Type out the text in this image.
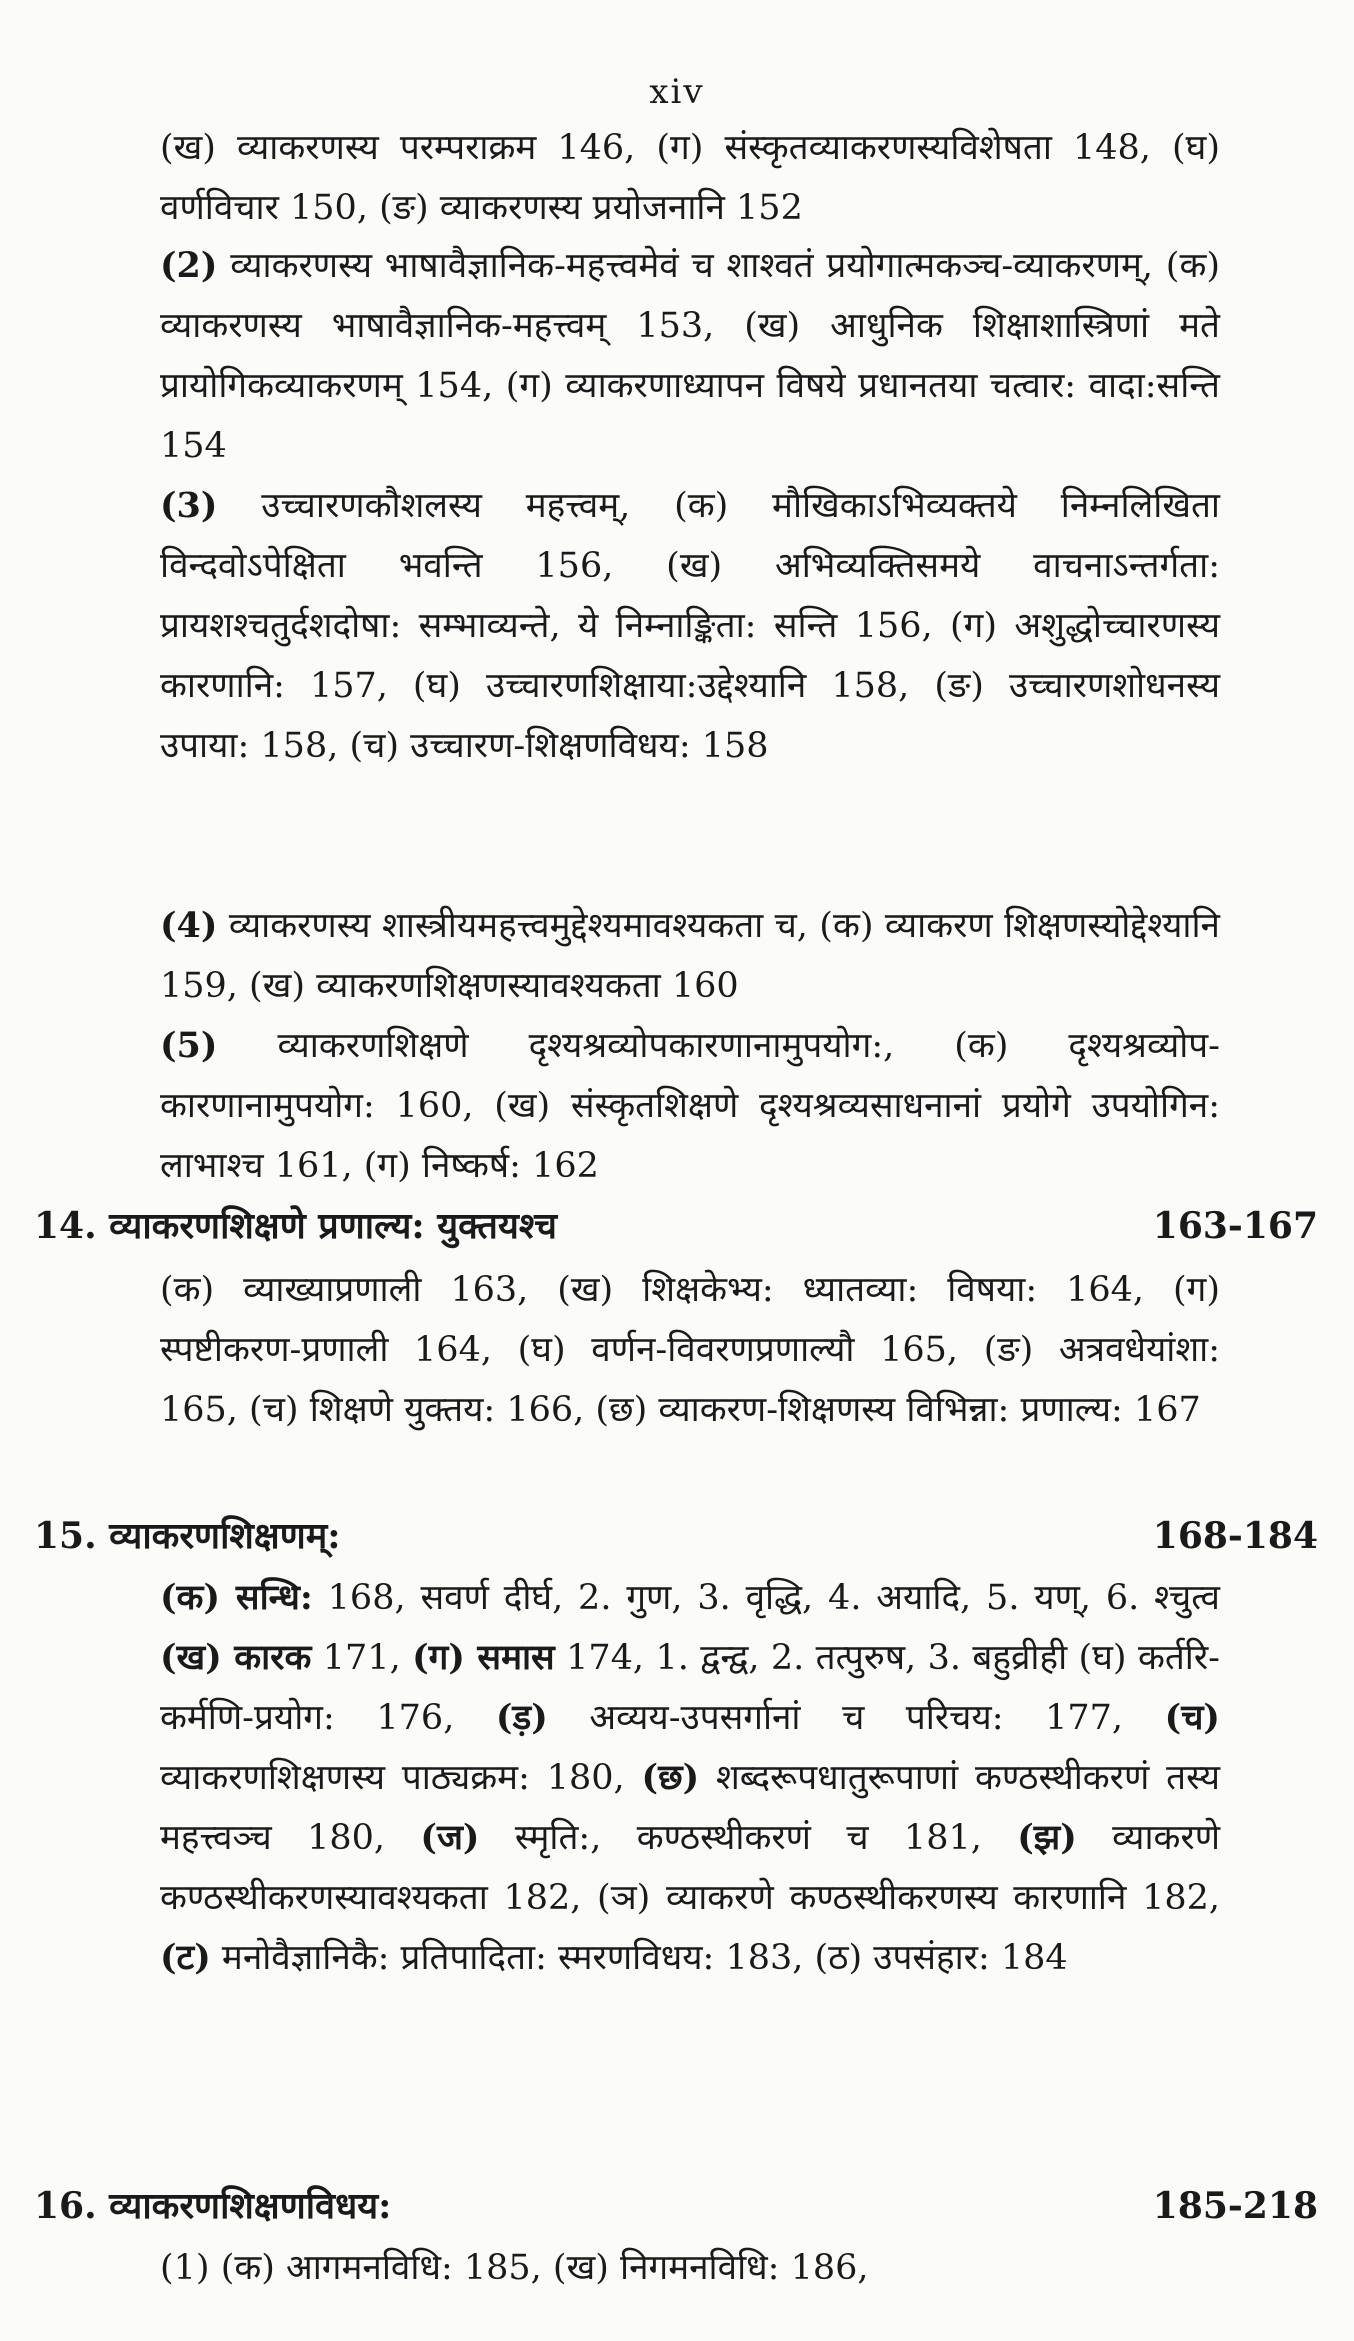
xiv

(ख) व्याकरणस्य परम्पराक्रम 146, (ग) संस्कृतव्याकरणस्यविशेषता 148, (घ) वर्णविचार 150, (ङ) व्याकरणस्य प्रयोजनानि 152

(2) व्याकरणस्य भाषावैज्ञानिक-महत्त्वमेवं च शाश्वतं प्रयोगात्मकञ्च-व्याकरणम्, (क) व्याकरणस्य भाषावैज्ञानिक-महत्त्वम् 153, (ख) आधुनिक शिक्षाशास्त्रिणां मते प्रायोगिकव्याकरणम् 154, (ग) व्याकरणाध्यापन विषये प्रधानतया चत्वार: वादा:सन्ति 154

(3) उच्चारणकौशलस्य महत्त्वम्, (क) मौखिकाऽभिव्यक्तये निम्नलिखिता विन्दवोऽपेक्षिता भवन्ति 156, (ख) अभिव्यक्तिसमये वाचनाऽन्तर्गता: प्रायशश्चतुर्दशदोषा: सम्भाव्यन्ते, ये निम्नाङ्किता: सन्ति 156, (ग) अशुद्धोच्चारणस्य कारणानि: 157, (घ) उच्चारणशिक्षाया:उद्देश्यानि 158, (ङ) उच्चारणशोधनस्य उपाया: 158, (च) उच्चारण-शिक्षणविधय: 158

(4) व्याकरणस्य शास्त्रीयमहत्त्वमुद्देश्यमावश्यकता च, (क) व्याकरण शिक्षणस्योद्देश्यानि 159, (ख) व्याकरणशिक्षणस्यावश्यकता 160

(5) व्याकरणशिक्षणे दृश्यश्रव्योपकारणानामुपयोग:, (क) दृश्यश्रव्योप-कारणानामुपयोग: 160, (ख) संस्कृतशिक्षणे दृश्यश्रव्यसाधनानां प्रयोगे उपयोगिन: लाभाश्च 161, (ग) निष्कर्ष: 162

14. व्याकरणशिक्षणे प्रणाल्य: युक्तयश्च	163-167

(क) व्याख्याप्रणाली 163, (ख) शिक्षकेभ्य: ध्यातव्या: विषया: 164, (ग) स्पष्टीकरण-प्रणाली 164, (घ) वर्णन-विवरणप्रणाल्यौ 165, (ङ) अत्रवधेयांशा: 165, (च) शिक्षणे युक्तय: 166, (छ) व्याकरण-शिक्षणस्य विभिन्ना: प्रणाल्य: 167

15. व्याकरणशिक्षणम्:	168-184

(क) सन्धि: 168, सवर्ण दीर्घ, 2. गुण, 3. वृद्धि, 4. अयादि, 5. यण्, 6. श्चुत्व (ख) कारक 171, (ग) समास 174, 1. द्वन्द्व, 2. तत्पुरुष, 3. बहुव्रीही (घ) कर्तरि-कर्मणि-प्रयोग: 176, (ड़) अव्यय-उपसर्गानां च परिचय: 177, (च) व्याकरणशिक्षणस्य पाठ्यक्रम: 180, (छ) शब्दरूपधातुरूपाणां कण्ठस्थीकरणं तस्य महत्त्वञ्च 180, (ज) स्मृति:, कण्ठस्थीकरणं च 181, (झ) व्याकरणे कण्ठस्थीकरणस्यावश्यकता 182, (ञ) व्याकरणे कण्ठस्थीकरणस्य कारणानि 182, (ट) मनोवैज्ञानिकै: प्रतिपादिता: स्मरणविधय: 183, (ठ) उपसंहार: 184

16. व्याकरणशिक्षणविधय:	185-218

(1) (क) आगमनविधि: 185, (ख) निगमनविधि: 186,
